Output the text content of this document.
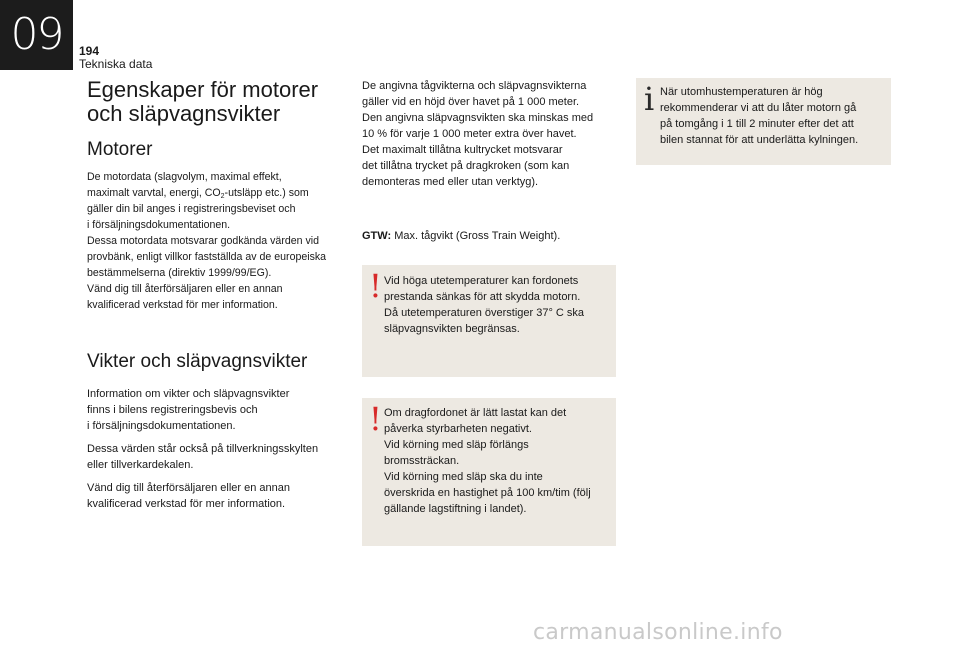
09	194
Tekniska data
Egenskaper för motorer
och släpvagnsvikter
Motorer

De motordata (slagvolym, maximal effekt,
maximalt varvtal, energi, $CO_2$-utsläpp etc.) som
gäller din bil anges i registreringsbeviset och
i försäljningsdokumentationen.
Dessa motordata motsvarar godkända värden vid
provbänk, enligt villkor fastställda av de europeiska
bestämmelserna (direktiv 1999/99/EG).
Vänd dig till återförsäljaren eller en annan
kvalificerad verkstad för mer information.

Vikter och släpvagnsvikter

Information om vikter och släpvagnsvikter
finns i bilens registreringsbevis och
i försäljningsdokumentationen.

Dessa värden står också på tillverkningsskylten
eller tillverkardekalen.

Vänd dig till återförsäljaren eller en annan
kvalificerad verkstad för mer information.

De angivna tågvikterna och släpvagnsvikterna
gäller vid en höjd över havet på 1 000 meter.
Den angivna släpvagnsvikten ska minskas med
10 % för varje 1 000 meter extra över havet.
Det maximalt tillåtna kultrycket motsvarar
det tillåtna trycket på dragkroken (som kan
demonteras med eller utan verktyg).

GTW: Max. tågvikt (Gross Train Weight).

! Vid höga utetemperaturer kan fordonets
prestanda sänkas för att skydda motorn.
Då utetemperaturen överstiger 37° C ska
släpvagnsvikten begränsas.
! Om dragfordonet är lätt lastat kan det
påverka styrbarheten negativt.
Vid körning med släp förlängs
bromssträckan.
Vid körning med släp ska du inte
överskrida en hastighet på 100 km/tim (följ
gällande lagstiftning i landet).
i När utomhustemperaturen är hög
rekommenderar vi att du låter motorn gå
på tomgång i 1 till 2 minuter efter det att
bilen stannat för att underlätta kylningen.
carmanualsonline.info
